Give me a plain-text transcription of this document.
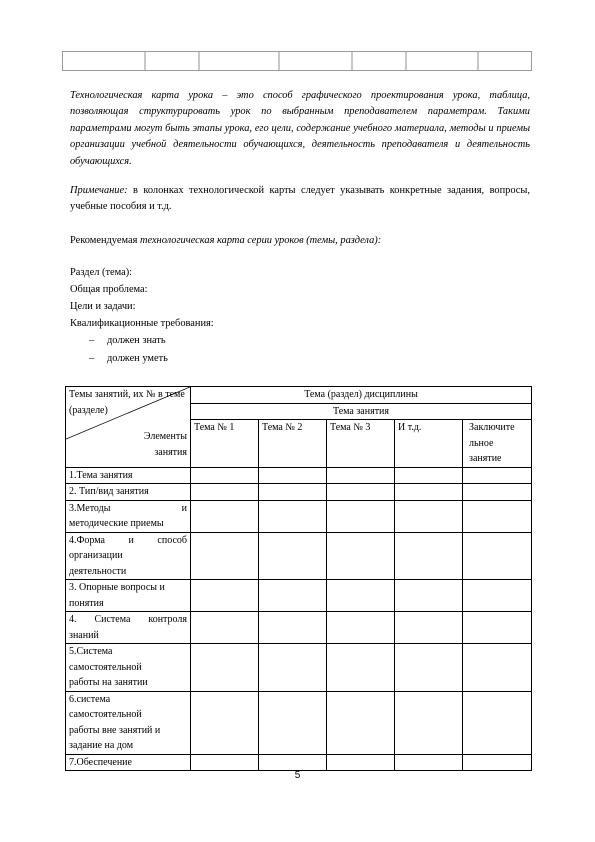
Технологическая карта урока – это способ графического проектирования урока, таблица, позволяющая структурировать урок по выбранным преподавателем параметрам. Такими параметрами могут быть этапы урока, его цели, содержание учебного материала, методы и приемы организации учебной деятельности обучающихся, деятельность преподавателя и деятельность обучающихся.

Примечание: в колонках технологической карты следует указывать конкретные задания, вопросы, учебные пособия и т.д.

Рекомендуемая технологическая карта серии уроков (темы, раздела):

Раздел (тема):
Общая проблема:
Цели и задачи:
Квалификационные требования:
– должен знать
– должен уметь
Темы занятий, их № в теме (разделе)
Элементы
занятия	Тема (раздел) дисциплины				
	Тема занятия				
	Тема № 1	Тема № 2	Тема № 3	И т.д.	Заключите
льное
занятие

1.Тема занятия					
2. Тип/вид занятия					

3.Методы и
методические приемы					

4.Форма и способ
организации
деятельности					

3. Опорные вопросы и понятия					
4. Система контроля знаний					

5.Система
самостоятельной
работы на занятии					

6.система
самостоятельной
работы вне занятий и
задание на дом					

7.Обеспечение					
5
